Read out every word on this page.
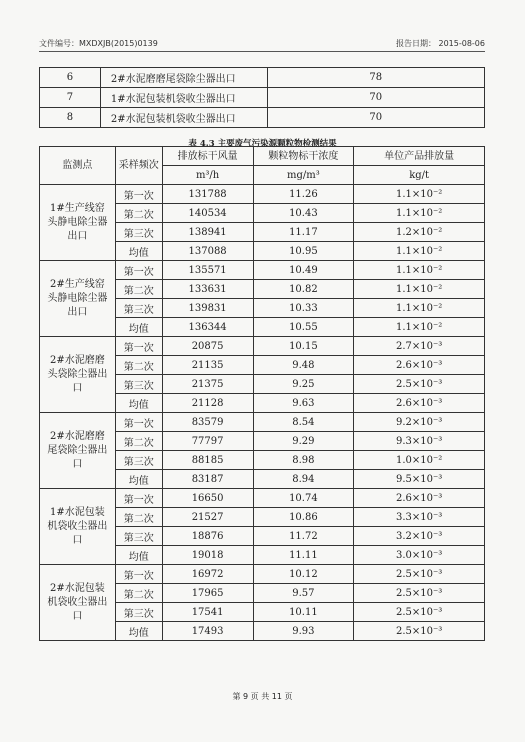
文件编号：MXDXJB(2015)0139	报告日期： 2015-08-06
6	2#水泥磨磨尾袋除尘器出口	78
7	1#水泥包装机袋收尘器出口	70
8	2#水泥包装机袋收尘器出口	70
表 4.3 主要废气污染源颗粒物检测结果
监测点	采样频次	排放标干风量	颗粒物标干浓度	单位产品排放量
		m³/h	mg/m³	kg/t
1#生产线窑头静电除尘器出口	第一次	131788	11.26	1.1×10⁻²
	第二次	140534	10.43	1.1×10⁻²
	第三次	138941	11.17	1.2×10⁻²
	均值	137088	10.95	1.1×10⁻²
2#生产线窑头静电除尘器出口	第一次	135571	10.49	1.1×10⁻²
	第二次	133631	10.82	1.1×10⁻²
	第三次	139831	10.33	1.1×10⁻²
	均值	136344	10.55	1.1×10⁻²
2#水泥磨磨头袋除尘器出口	第一次	20875	10.15	2.7×10⁻³
	第二次	21135	9.48	2.6×10⁻³
	第三次	21375	9.25	2.5×10⁻³
	均值	21128	9.63	2.6×10⁻³
2#水泥磨磨尾袋除尘器出口	第一次	83579	8.54	9.2×10⁻³
	第二次	77797	9.29	9.3×10⁻³
	第三次	88185	8.98	1.0×10⁻²
	均值	83187	8.94	9.5×10⁻³
1#水泥包装机袋收尘器出口	第一次	16650	10.74	2.6×10⁻³
	第二次	21527	10.86	3.3×10⁻³
	第三次	18876	11.72	3.2×10⁻³
	均值	19018	11.11	3.0×10⁻³
2#水泥包装机袋收尘器出口	第一次	16972	10.12	2.5×10⁻³
	第二次	17965	9.57	2.5×10⁻³
	第三次	17541	10.11	2.5×10⁻³
	均值	17493	9.93	2.5×10⁻³
第 9 页 共 11 页
